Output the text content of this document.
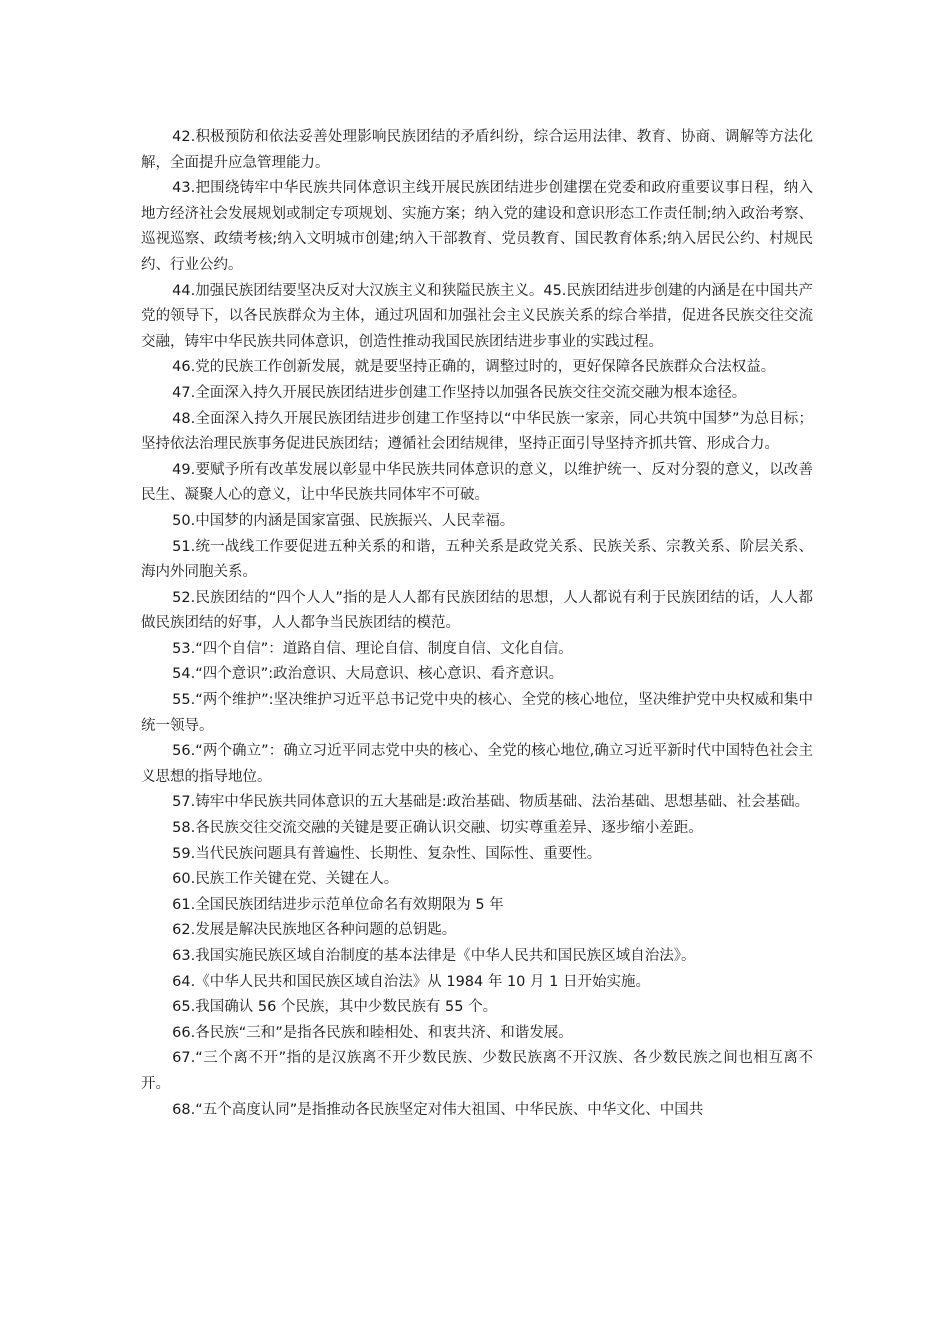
42.积极预防和依法妥善处理影响民族团结的矛盾纠纷，综合运用法律、教育、协商、调解等方法化解，全面提升应急管理能力。

43.把围绕铸牢中华民族共同体意识主线开展民族团结进步创建摆在党委和政府重要议事日程，纳入地方经济社会发展规划或制定专项规划、实施方案；纳入党的建设和意识形态工作责任制;纳入政治考察、巡视巡察、政绩考核;纳入文明城市创建;纳入干部教育、党员教育、国民教育体系;纳入居民公约、村规民约、行业公约。

44.加强民族团结要坚决反对大汉族主义和狭隘民族主义。45.民族团结进步创建的内涵是在中国共产党的领导下，以各民族群众为主体，通过巩固和加强社会主义民族关系的综合举措，促进各民族交往交流交融，铸牢中华民族共同体意识，创造性推动我国民族团结进步事业的实践过程。

46.党的民族工作创新发展，就是要坚持正确的，调整过时的，更好保障各民族群众合法权益。

47.全面深入持久开展民族团结进步创建工作坚持以加强各民族交往交流交融为根本途径。

48.全面深入持久开展民族团结进步创建工作坚持以“中华民族一家亲，同心共筑中国梦”为总目标；坚持依法治理民族事务促进民族团结；遵循社会团结规律，坚持正面引导坚持齐抓共管、形成合力。

49.要赋予所有改革发展以彰显中华民族共同体意识的意义，以维护统一、反对分裂的意义，以改善民生、凝聚人心的意义，让中华民族共同体牢不可破。

50.中国梦的内涵是国家富强、民族振兴、人民幸福。

51.统一战线工作要促进五种关系的和谐，五种关系是政党关系、民族关系、宗教关系、阶层关系、海内外同胞关系。

52.民族团结的“四个人人”指的是人人都有民族团结的思想，人人都说有利于民族团结的话，人人都做民族团结的好事，人人都争当民族团结的模范。

53.“四个自信”：道路自信、理论自信、制度自信、文化自信。

54.“四个意识”:政治意识、大局意识、核心意识、看齐意识。

55.“两个维护”:坚决维护习近平总书记党中央的核心、全党的核心地位，坚决维护党中央权威和集中统一领导。

56.“两个确立”：确立习近平同志党中央的核心、全党的核心地位,确立习近平新时代中国特色社会主义思想的指导地位。

57.铸牢中华民族共同体意识的五大基础是:政治基础、物质基础、法治基础、思想基础、社会基础。

58.各民族交往交流交融的关键是要正确认识交融、切实尊重差异、逐步缩小差距。

59.当代民族问题具有普遍性、长期性、复杂性、国际性、重要性。

60.民族工作关键在党、关键在人。

61.全国民族团结进步示范单位命名有效期限为 5 年

62.发展是解决民族地区各种问题的总钥匙。

63.我国实施民族区域自治制度的基本法律是《中华人民共和国民族区域自治法》。

64.《中华人民共和国民族区域自治法》从 1984 年 10 月 1 日开始实施。

65.我国确认 56 个民族，其中少数民族有 55 个。

66.各民族“三和”是指各民族和睦相处、和衷共济、和谐发展。

67.“三个离不开”指的是汉族离不开少数民族、少数民族离不开汉族、各少数民族之间也相互离不开。

68.“五个高度认同”是指推动各民族坚定对伟大祖国、中华民族、中华文化、中国共
